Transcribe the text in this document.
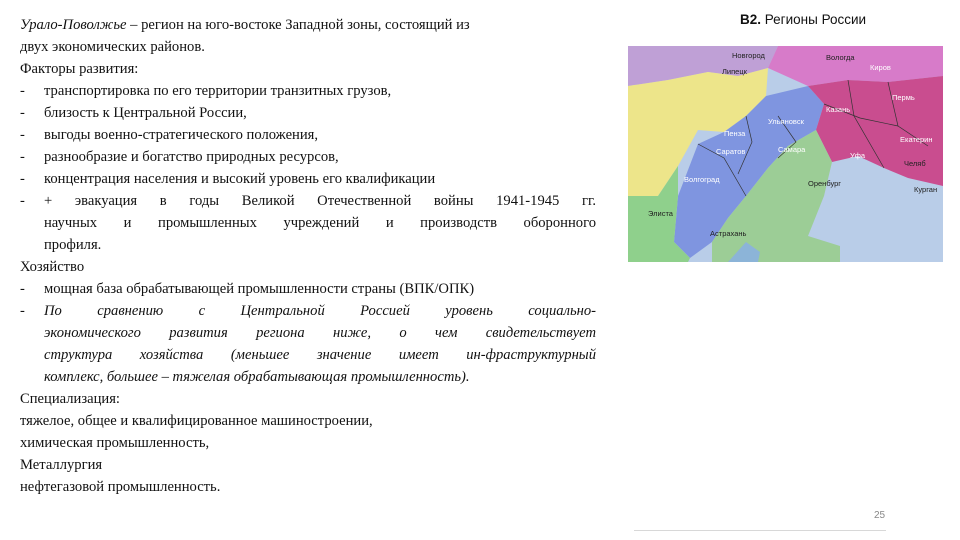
Урало-Поволжье – регион на юго-востоке Западной зоны, состоящий из
двух экономических районов.
Факторы развития:
-	транспортировка по его территории транзитных грузов,
-	близость к Центральной России,
-	выгоды военно-стратегического положения,
-	разнообразие и богатство природных ресурсов,
-	концентрация населения и высокий уровень его квалификации
-	+ эвакуация в годы Великой Отечественной войны 1941-1945 гг.
научных и промышленных учреждений и производств оборонного
профиля.
Хозяйство
-	мощная база обрабатывающей промышленности страны (ВПК/ОПК)
-	По сравнению с Центральной Россией уровень социально-
экономического развития региона ниже, о чем свидетельствует
структура хозяйства (меньшее значение имеет ин-фраструктурный
комплекс, большее – тяжелая обрабатывающая промышленность).
Специализация:
тяжелое, общее и квалифицированное машиностроении,
химическая промышленность,
Металлургия
нефтегазовой промышленность.
В2. Регионы России
Новгород
Липецк
Вологда
Киров
Пермь
Казань
Ульяновск
Пенза
Саратов	Самара
Волгоград
Уфа
Оренбург
Элиста
Астрахань
Екатерин
Челяб
Курган
25
